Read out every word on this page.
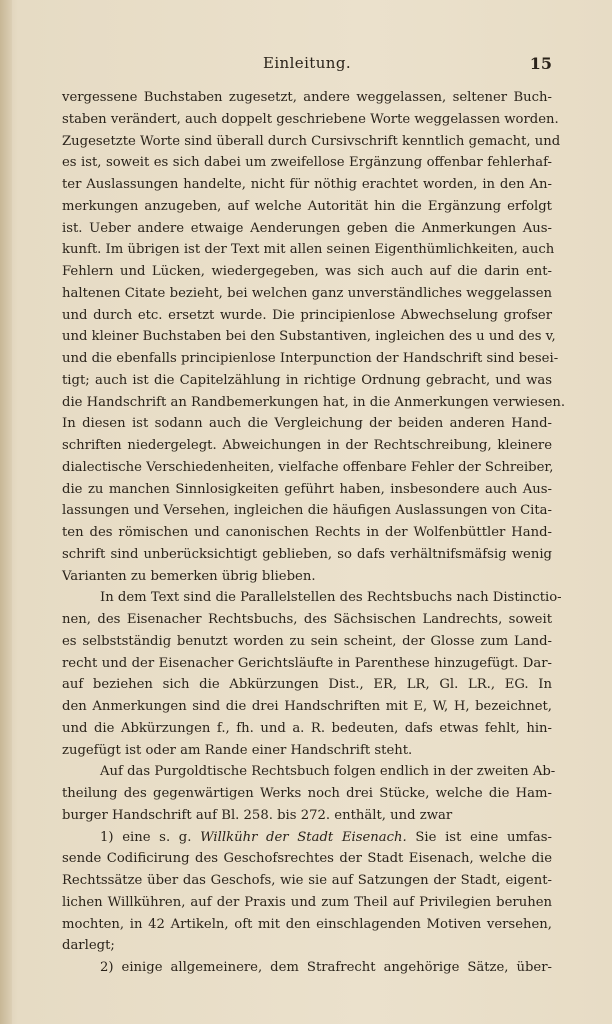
Einleitung.	15
vergessene Buchstaben zugesetzt, andere weggelassen, seltener Buch-
staben verändert, auch doppelt geschriebene Worte weggelassen worden.
Zugesetzte Worte sind überall durch Cursivschrift kenntlich gemacht, und
es ist, soweit es sich dabei um zweifellose Ergänzung offenbar fehlerhaf-
ter Auslassungen handelte, nicht für nöthig erachtet worden, in den An-
merkungen anzugeben, auf welche Autorität hin die Ergänzung erfolgt
ist. Ueber andere etwaige Aenderungen geben die Anmerkungen Aus-
kunft. Im übrigen ist der Text mit allen seinen Eigenthümlichkeiten, auch
Fehlern und Lücken, wiedergegeben, was sich auch auf die darin ent-
haltenen Citate bezieht, bei welchen ganz unverständliches weggelassen
und durch etc. ersetzt wurde. Die principienlose Abwechselung grofser
und kleiner Buchstaben bei den Substantiven, ingleichen des u und des v,
und die ebenfalls principienlose Interpunction der Handschrift sind besei-
tigt; auch ist die Capitelzählung in richtige Ordnung gebracht, und was
die Handschrift an Randbemerkungen hat, in die Anmerkungen verwiesen.
In diesen ist sodann auch die Vergleichung der beiden anderen Hand-
schriften niedergelegt. Abweichungen in der Rechtschreibung, kleinere
dialectische Verschiedenheiten, vielfache offenbare Fehler der Schreiber,
die zu manchen Sinnlosigkeiten geführt haben, insbesondere auch Aus-
lassungen und Versehen, ingleichen die häufigen Auslassungen von Cita-
ten des römischen und canonischen Rechts in der Wolfenbüttler Hand-
schrift sind unberücksichtigt geblieben, so dafs verhältnifsmäfsig wenig
Varianten zu bemerken übrig blieben.
In dem Text sind die Parallelstellen des Rechtsbuchs nach Distinctio-
nen, des Eisenacher Rechtsbuchs, des Sächsischen Landrechts, soweit
es selbstständig benutzt worden zu sein scheint, der Glosse zum Land-
recht und der Eisenacher Gerichtsläufte in Parenthese hinzugefügt. Dar-
auf beziehen sich die Abkürzungen Dist., ER, LR, Gl. LR., EG. In
den Anmerkungen sind die drei Handschriften mit E, W, H, bezeichnet,
und die Abkürzungen f., fh. und a. R. bedeuten, dafs etwas fehlt, hin-
zugefügt ist oder am Rande einer Handschrift steht.
Auf das Purgoldtische Rechtsbuch folgen endlich in der zweiten Ab-
theilung des gegenwärtigen Werks noch drei Stücke, welche die Ham-
burger Handschrift auf Bl. 258. bis 272. enthält, und zwar
1) eine s. g. Willkühr der Stadt Eisenach. Sie ist eine umfas-
sende Codificirung des Geschofsrechtes der Stadt Eisenach, welche die
Rechtssätze über das Geschofs, wie sie auf Satzungen der Stadt, eigent-
lichen Willkühren, auf der Praxis und zum Theil auf Privilegien beruhen
mochten, in 42 Artikeln, oft mit den einschlagenden Motiven versehen,
darlegt;
2) einige allgemeinere, dem Strafrecht angehörige Sätze, über-
